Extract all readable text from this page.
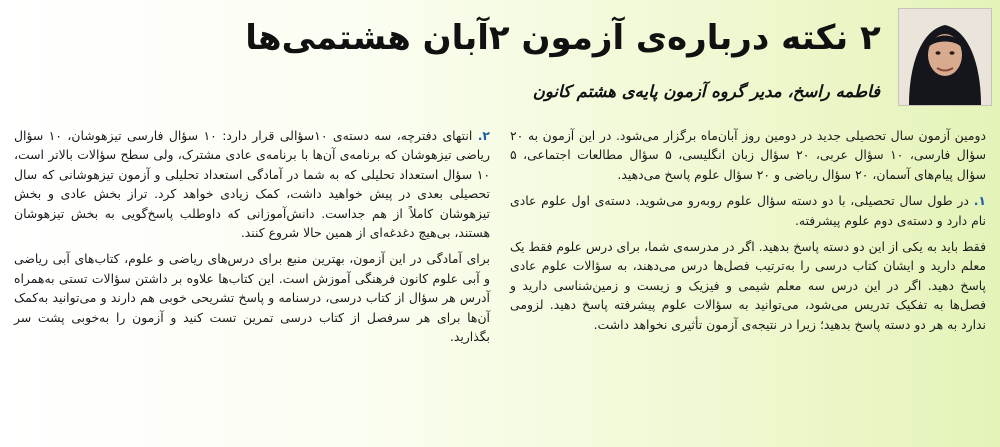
۲ نکته درباره‌ی آزمون ۲آبان هشتمی‌ها
فاطمه راسخ، مدیر گروه آزمون پایه‌ی هشتم کانون

دومین آزمون سال تحصیلی جدید در دومین روز آبان‌ماه برگزار می‌شود. در این آزمون به ۲۰ سؤال فارسی، ۱۰ سؤال عربی، ۲۰ سؤال زبان انگلیسی، ۵ سؤال مطالعات اجتماعی، ۵ سؤال پیام‌های آسمان، ۲۰ سؤال ریاضی و ۲۰ سؤال علوم پاسخ می‌دهید.

۱. در طول سال تحصیلی، با دو دسته سؤال علوم روبه‌رو می‌شوید. دسته‌ی اول علوم عادی نام دارد و دسته‌ی دوم علوم پیشرفته.

فقط باید به یکی از این دو دسته پاسخ بدهید. اگر در مدرسه‌ی شما، برای درس علوم فقط یک معلم دارید و ایشان کتاب درسی را به‌ترتیب فصل‌ها درس می‌دهند، به سؤالات علوم عادی پاسخ دهید. اگر در این درس سه معلم شیمی و فیزیک و زیست و زمین‌شناسی دارید و فصل‌ها به تفکیک تدریس می‌شود، می‌توانید به سؤالات علوم پیشرفته پاسخ دهید. لزومی ندارد به هر دو دسته پاسخ بدهید؛ زیرا در نتیجه‌ی آزمون تأثیری نخواهد داشت.

۲. انتهای دفترچه، سه دسته‌ی ۱۰سؤالی قرار دارد: ۱۰ سؤال فارسی تیزهوشان، ۱۰ سؤال ریاضی تیزهوشان که برنامه‌ی آن‌ها با برنامه‌ی عادی مشترک، ولی سطح سؤالات بالاتر است، ۱۰ سؤال استعداد تحلیلی که به شما در آمادگی استعداد تحلیلی و آزمون تیزهوشانی که سال تحصیلی بعدی در پیش خواهید داشت، کمک زیادی خواهد کرد. تراز بخش عادی و بخش تیزهوشان کاملاً از هم جداست. دانش‌آموزانی که داوطلب پاسخ‌گویی به بخش تیزهوشان هستند، بی‌هیچ دغدغه‌ای از همین حالا شروع کنند.

برای آمادگی در این آزمون، بهترین منبع برای درس‌های ریاضی و علوم، کتاب‌های آبی ریاضی و آبی علوم کانون فرهنگی آموزش است. این کتاب‌ها علاوه بر داشتن سؤالات تستی به‌همراه آدرس هر سؤال از کتاب درسی، درسنامه و پاسخ تشریحی خوبی هم دارند و می‌توانید به‌کمک آن‌ها برای هر سرفصل از کتاب درسی تمرین تست کنید و آزمون را به‌خوبی پشت سر بگذارید.
